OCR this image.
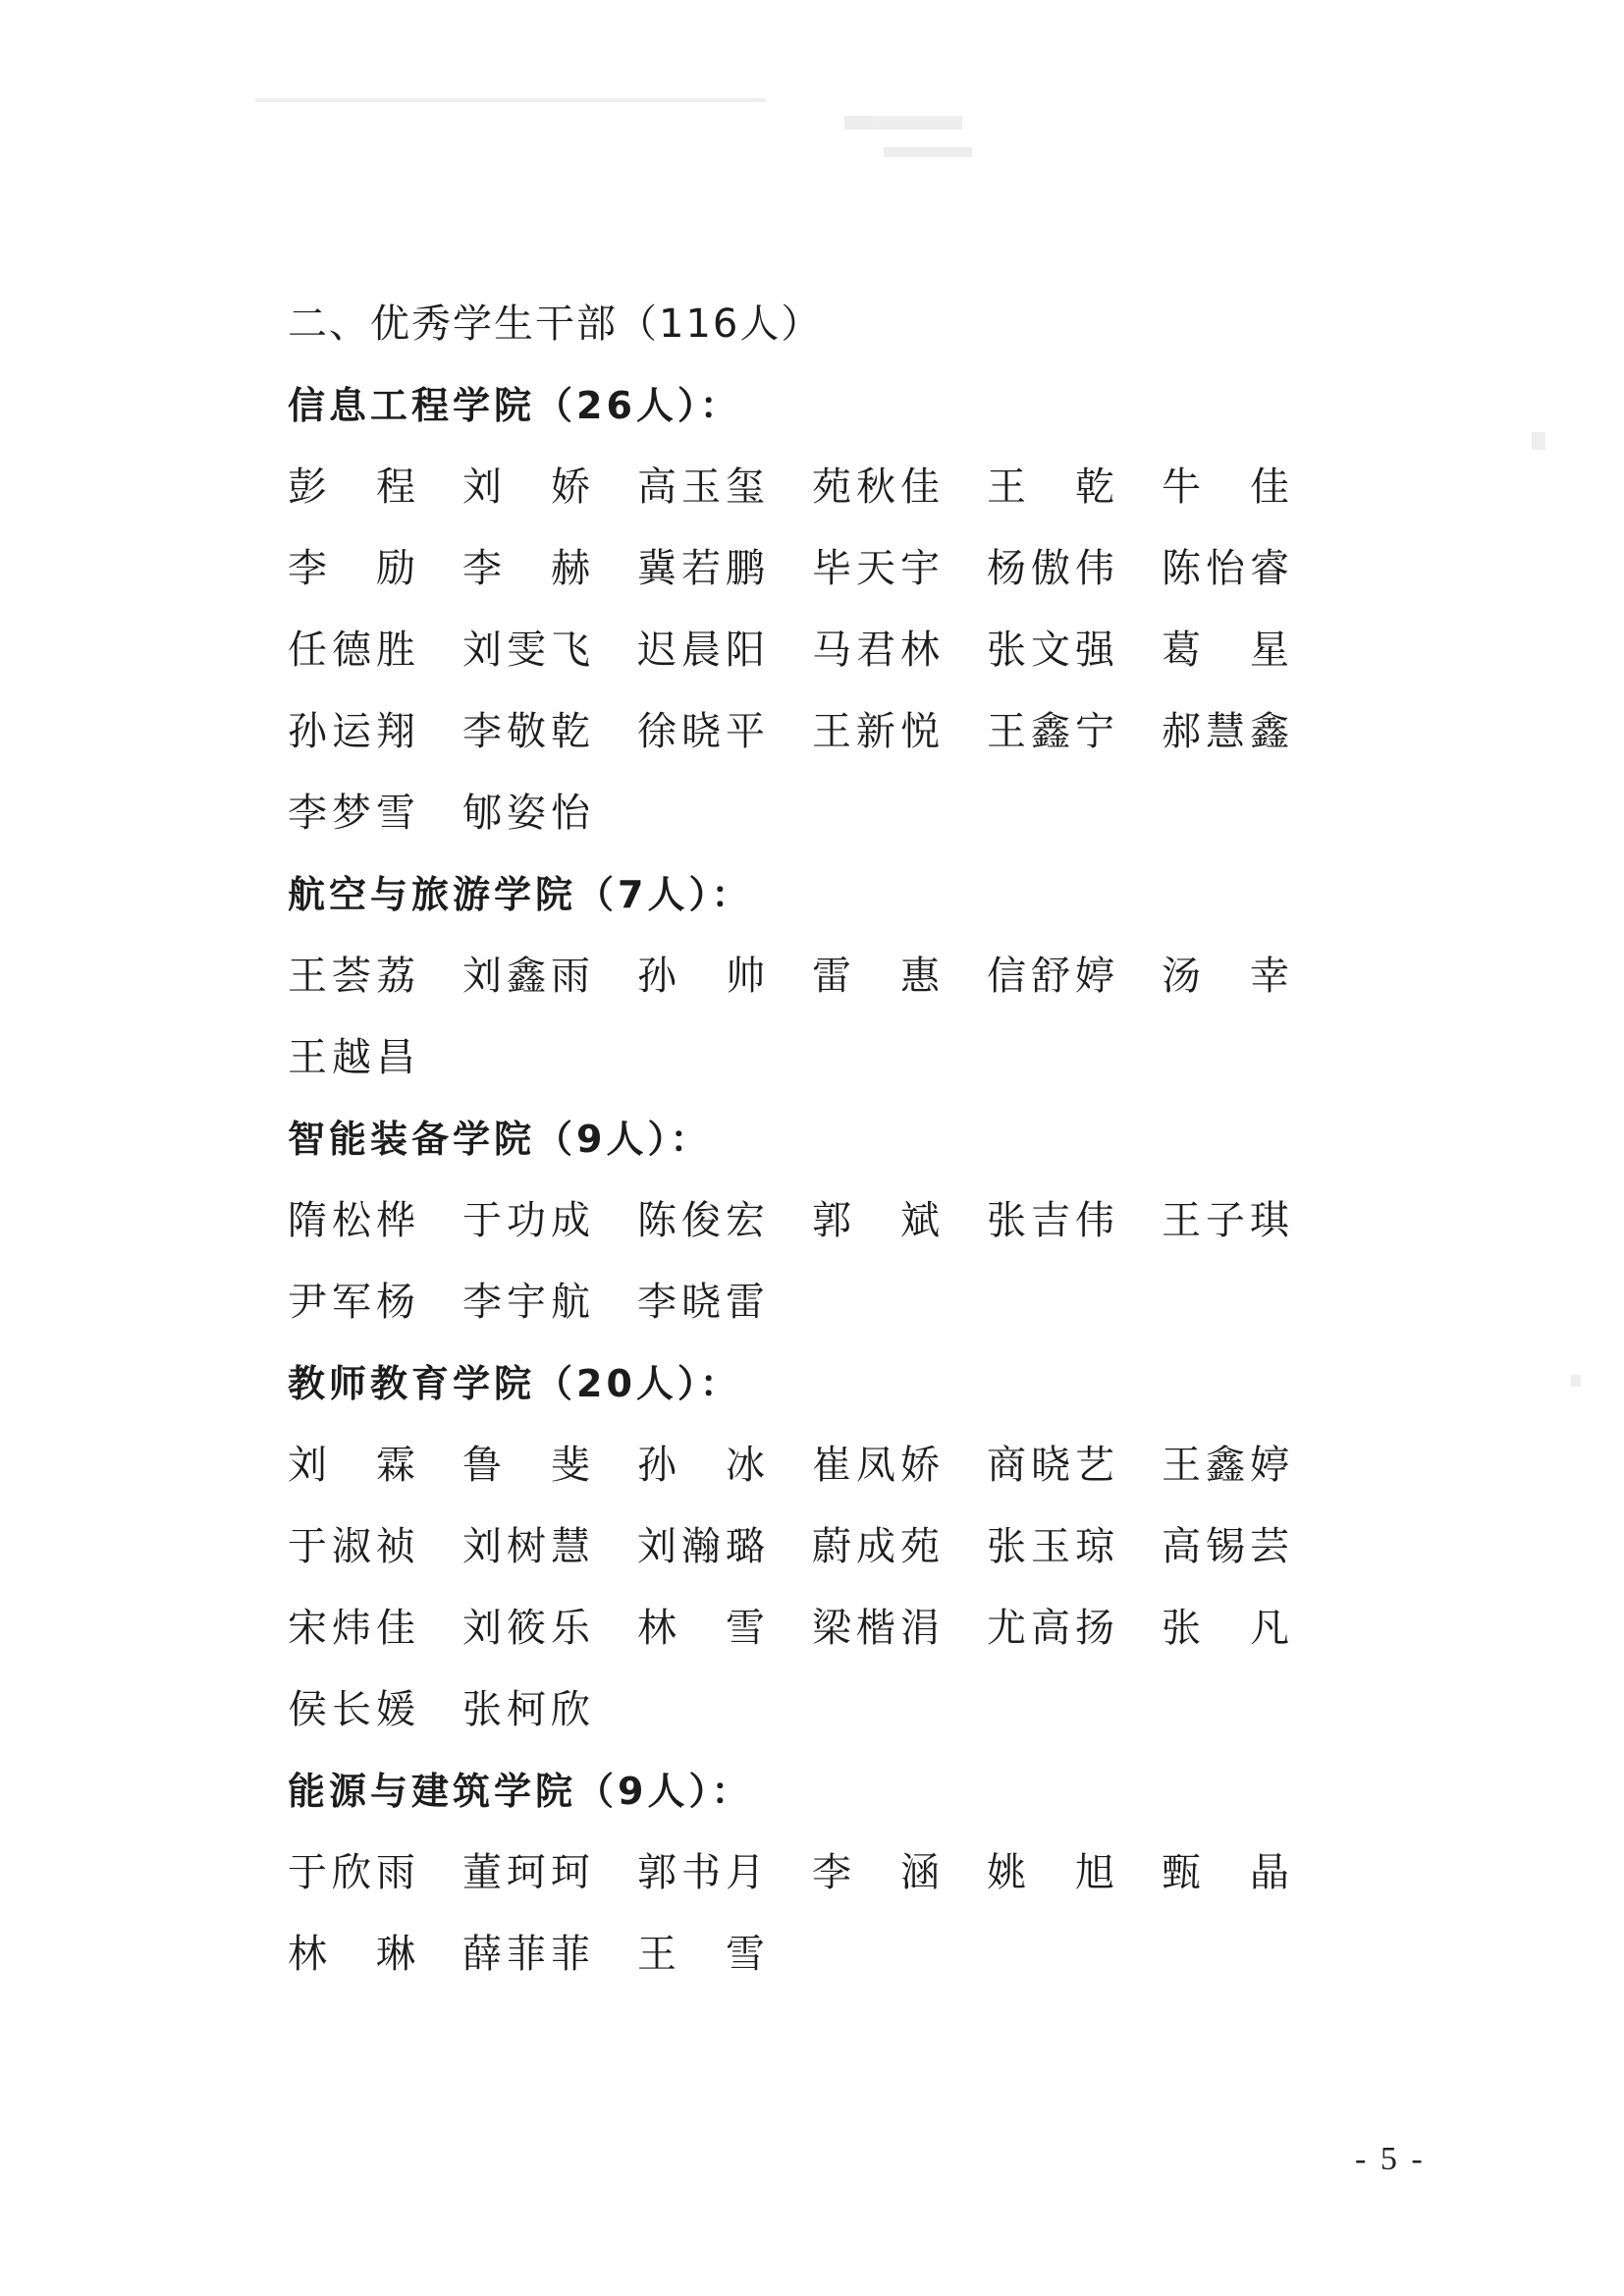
二、优秀学生干部（116人）
信息工程学院（26人）：
彭 程 刘 娇 高 玉 玺 苑 秋 佳 王 乾 牛 佳
李 励 李 赫 冀 若 鹏 毕 天 宇 杨 傲 伟 陈 怡 睿
任 德 胜 刘 雯 飞 迟 晨 阳 马 君 林 张 文 强 葛 星
孙 运 翔 李 敬 乾 徐 晓 平 王 新 悦 王 鑫 宁 郝 慧 鑫
李 梦 雪 郇 姿 怡
航空与旅游学院（7人）：
王 荟 荔 刘 鑫 雨 孙 帅 雷 惠 信 舒 婷 汤 幸
王 越 昌
智能装备学院（9人）：
隋 松 桦 于 功 成 陈 俊 宏 郭 斌 张 吉 伟 王 子 琪
尹 军 杨 李 宇 航 李 晓 雷
教师教育学院（20人）：
刘 霖 鲁 斐 孙 冰 崔 凤 娇 商 晓 艺 王 鑫 婷
于 淑 祯 刘 树 慧 刘 瀚 璐 蔚 成 苑 张 玉 琼 高 锡 芸
宋 炜 佳 刘 筱 乐 林 雪 梁 楷 涓 尤 高 扬 张 凡
侯 长 媛 张 柯 欣
能源与建筑学院（9人）：
于 欣 雨 董 珂 珂 郭 书 月 李 涵 姚 旭 甄 晶
林 琳 薛 菲 菲 王 雪
- 5 -
